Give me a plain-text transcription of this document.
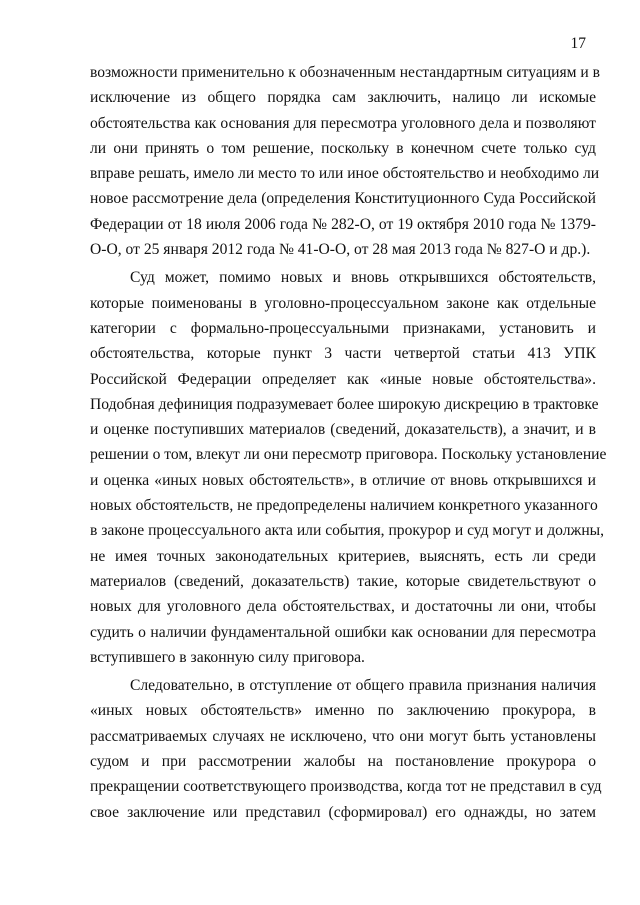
17
возможности применительно к обозначенным нестандартным ситуациям и в
исключение из общего порядка сам заключить, налицо ли искомые
обстоятельства как основания для пересмотра уголовного дела и позволяют
ли они принять о том решение, поскольку в конечном счете только суд
вправе решать, имело ли место то или иное обстоятельство и необходимо ли
новое рассмотрение дела (определения Конституционного Суда Российской
Федерации от 18 июля 2006 года № 282-О, от 19 октября 2010 года № 1379-
О-О, от 25 января 2012 года № 41-О-О, от 28 мая 2013 года № 827-О и др.).
Суд может, помимо новых и вновь открывшихся обстоятельств,
которые поименованы в уголовно-процессуальном законе как отдельные
категории с формально-процессуальными признаками, установить и
обстоятельства, которые пункт 3 части четвертой статьи 413 УПК
Российской Федерации определяет как «иные новые обстоятельства».
Подобная дефиниция подразумевает более широкую дискрецию в трактовке
и оценке поступивших материалов (сведений, доказательств), а значит, и в
решении о том, влекут ли они пересмотр приговора. Поскольку установление
и оценка «иных новых обстоятельств», в отличие от вновь открывшихся и
новых обстоятельств, не предопределены наличием конкретного указанного
в законе процессуального акта или события, прокурор и суд могут и должны,
не имея точных законодательных критериев, выяснять, есть ли среди
материалов (сведений, доказательств) такие, которые свидетельствуют о
новых для уголовного дела обстоятельствах, и достаточны ли они, чтобы
судить о наличии фундаментальной ошибки как основании для пересмотра
вступившего в законную силу приговора.
Следовательно, в отступление от общего правила признания наличия
«иных новых обстоятельств» именно по заключению прокурора, в
рассматриваемых случаях не исключено, что они могут быть установлены
судом и при рассмотрении жалобы на постановление прокурора о
прекращении соответствующего производства, когда тот не представил в суд
свое заключение или представил (сформировал) его однажды, но затем
